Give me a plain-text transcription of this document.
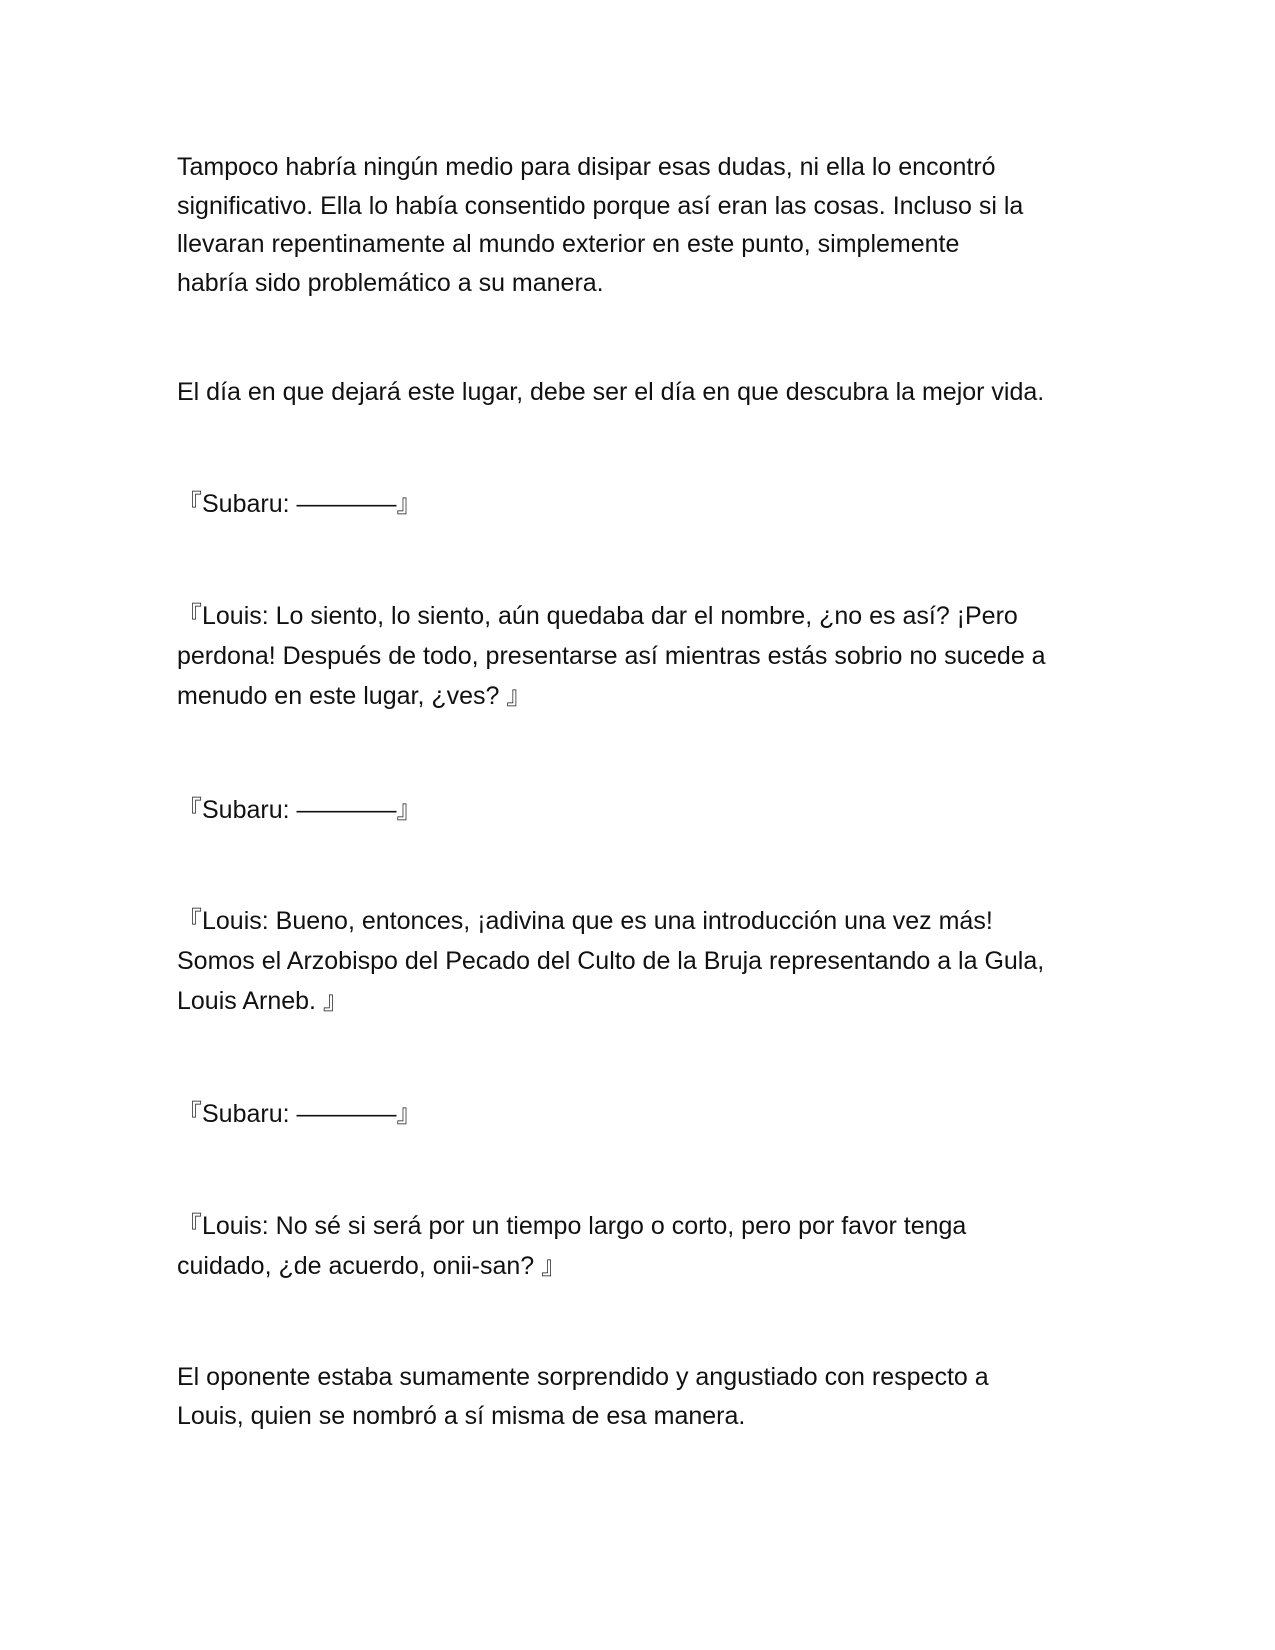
Tampoco habría ningún medio para disipar esas dudas, ni ella lo encontró
significativo. Ella lo había consentido porque así eran las cosas. Incluso si la
llevaran repentinamente al mundo exterior en este punto, simplemente
habría sido problemático a su manera.

El día en que dejará este lugar, debe ser el día en que descubra la mejor vida.

『Subaru: ————』

『Louis: Lo siento, lo siento, aún quedaba dar el nombre, ¿no es así? ¡Pero
perdona! Después de todo, presentarse así mientras estás sobrio no sucede a
menudo en este lugar, ¿ves? 』

『Subaru: ————』

『Louis: Bueno, entonces, ¡adivina que es una introducción una vez más!
Somos el Arzobispo del Pecado del Culto de la Bruja representando a la Gula,
Louis Arneb. 』

『Subaru: ————』

『Louis: No sé si será por un tiempo largo o corto, pero por favor tenga
cuidado, ¿de acuerdo, onii-san? 』

El oponente estaba sumamente sorprendido y angustiado con respecto a
Louis, quien se nombró a sí misma de esa manera.
